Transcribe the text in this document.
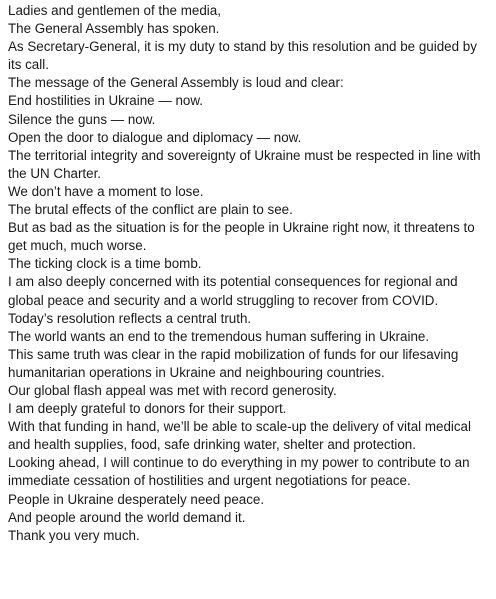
Ladies and gentlemen of the media,

The General Assembly has spoken.

As Secretary-General, it is my duty to stand by this resolution and be guided by its call.

The message of the General Assembly is loud and clear:

End hostilities in Ukraine — now.

Silence the guns — now.

Open the door to dialogue and diplomacy — now.

The territorial integrity and sovereignty of Ukraine must be respected in line with the UN Charter.

We don’t have a moment to lose.

The brutal effects of the conflict are plain to see.

But as bad as the situation is for the people in Ukraine right now, it threatens to get much, much worse.

The ticking clock is a time bomb.

I am also deeply concerned with its potential consequences for regional and global peace and security and a world struggling to recover from COVID.

Today’s resolution reflects a central truth.

The world wants an end to the tremendous human suffering in Ukraine.

This same truth was clear in the rapid mobilization of funds for our lifesaving humanitarian operations in Ukraine and neighbouring countries.

Our global flash appeal was met with record generosity.

I am deeply grateful to donors for their support.

With that funding in hand, we’ll be able to scale-up the delivery of vital medical and health supplies, food, safe drinking water, shelter and protection.

Looking ahead, I will continue to do everything in my power to contribute to an immediate cessation of hostilities and urgent negotiations for peace.

People in Ukraine desperately need peace.

And people around the world demand it.

Thank you very much.
